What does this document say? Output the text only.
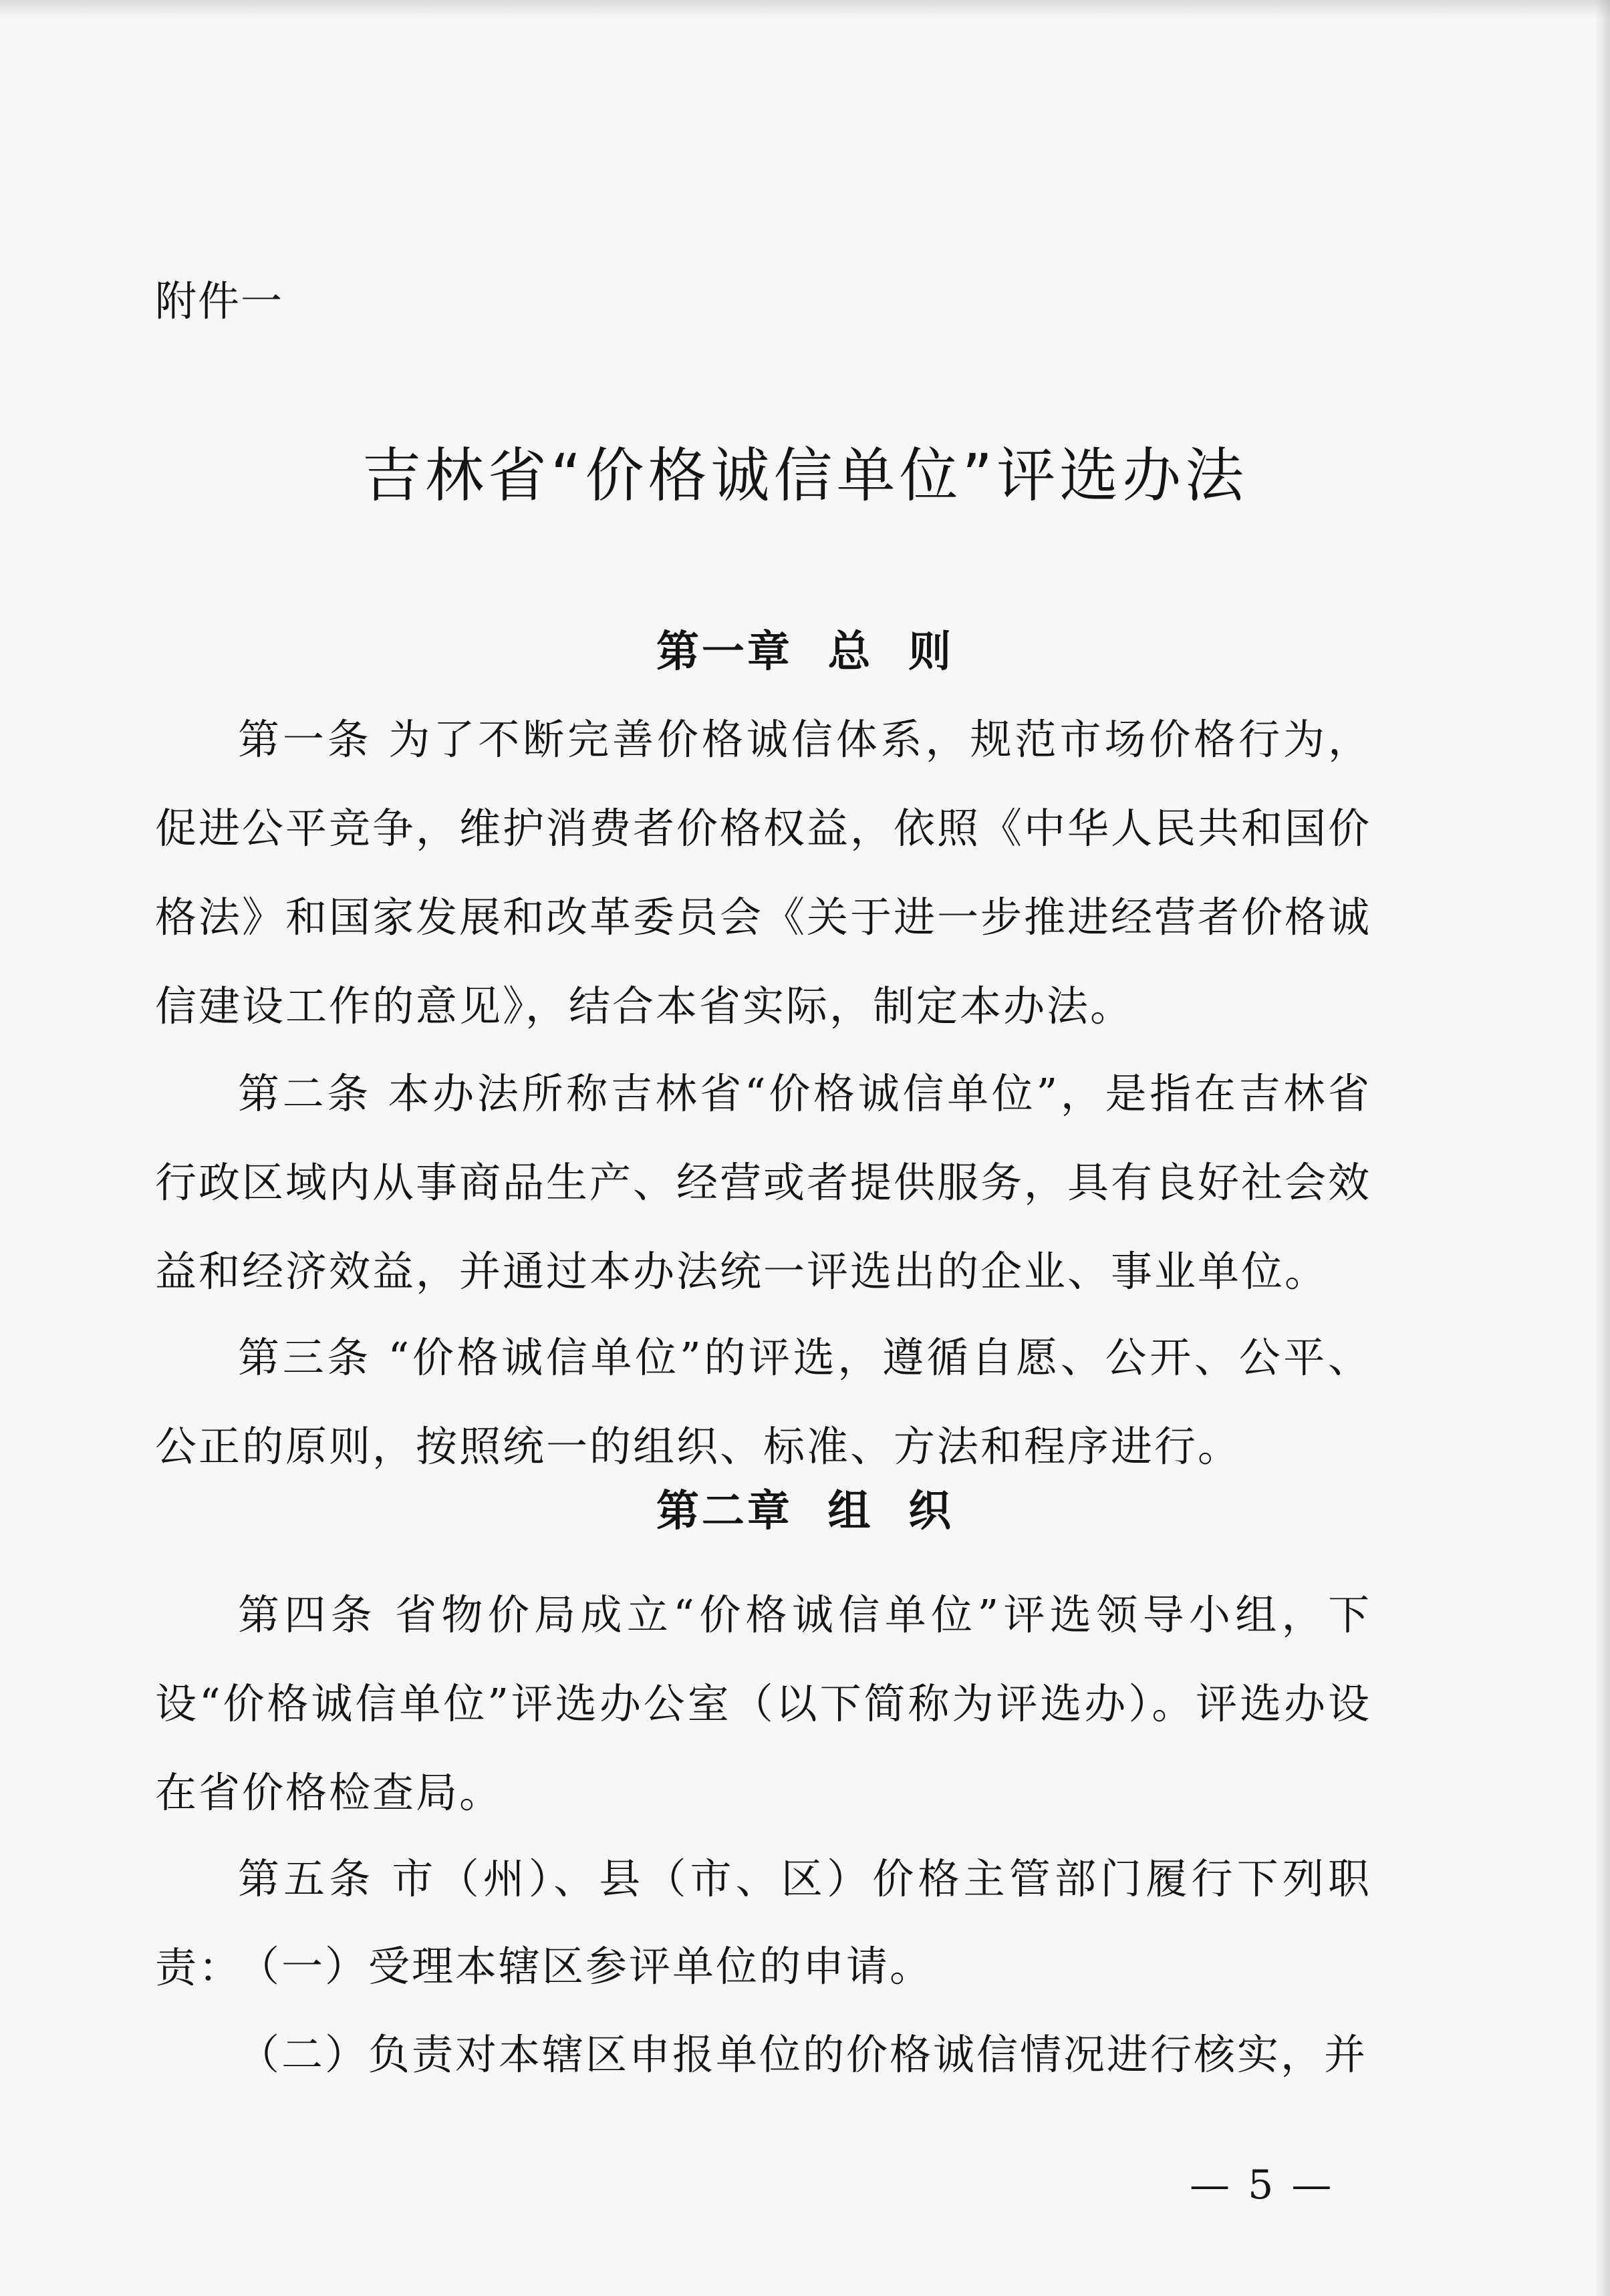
附件一
吉林省“价格诚信单位”评选办法
第一章  总  则

第一条 为了不断完善价格诚信体系，规范市场价格行为，促进公平竞争，维护消费者价格权益，依照《中华人民共和国价格法》和国家发展和改革委员会《关于进一步推进经营者价格诚信建设工作的意见》，结合本省实际，制定本办法。

第二条 本办法所称吉林省“价格诚信单位”，是指在吉林省行政区域内从事商品生产、经营或者提供服务，具有良好社会效益和经济效益，并通过本办法统一评选出的企业、事业单位。

第三条 “价格诚信单位”的评选，遵循自愿、公开、公平、公正的原则，按照统一的组织、标准、方法和程序进行。

第二章  组  织

第四条 省物价局成立“价格诚信单位”评选领导小组，下设“价格诚信单位”评选办公室（以下简称为评选办）。评选办设在省价格检查局。

第五条 市（州）、县（市、区）价格主管部门履行下列职责：

（一）受理本辖区参评单位的申请。

（二）负责对本辖区申报单位的价格诚信情况进行核实，并

— 5 —
